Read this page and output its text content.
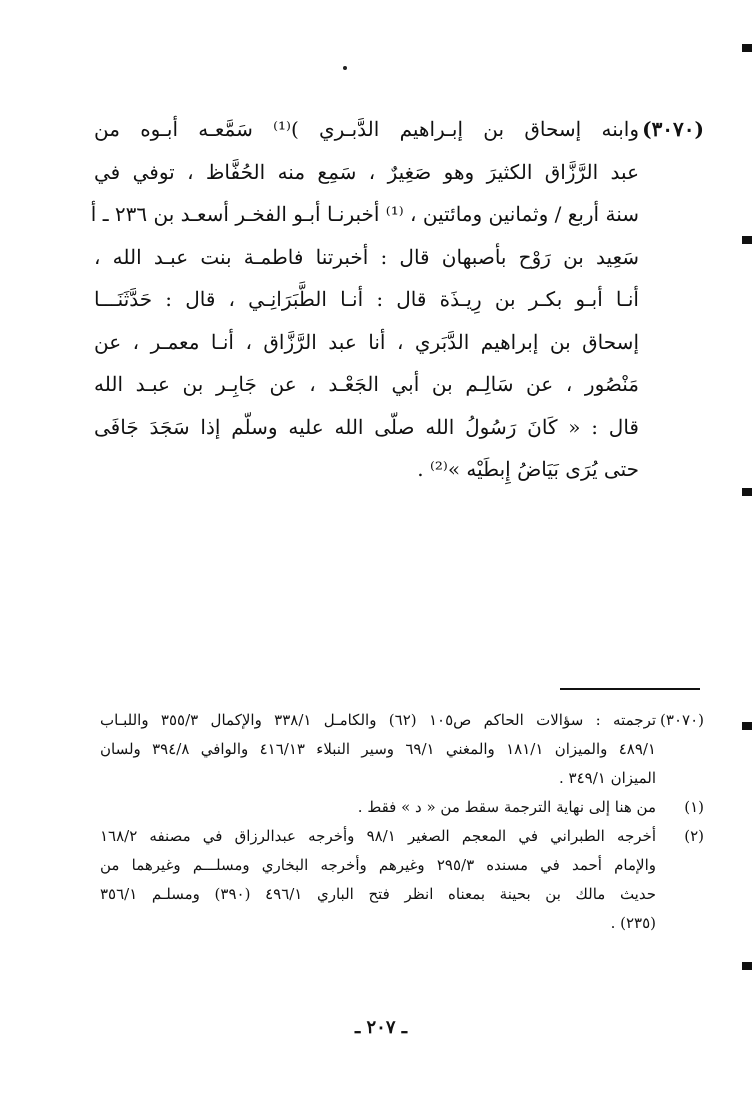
(٣٠٧٠)
وابنه إسحاق بن إبـراهيم الدَّبـري )⁽¹⁾ سَمَّعـه أبـوه من
عبد الرَّزَّاق الكثيرَ وهو صَغِيرٌ ، سَمِع منه الحُفَّاظ ، توفي في
سنة أربع / وثمانين ومائتين ، ⁽¹⁾ أخبرنـا أبـو الفخـر أسعـد بن ٢٣٦ ـ أ
سَعِيد بن رَوْح بأصبهان قال : أخبرتنا فاطمـة بنت عبـد الله ،
أنـا أبـو بكـر بن رِيـذَة قال : أنـا الطَّبَرَانِـي ، قال : حَدَّثَنَـــا
إسحاق بن إبراهيم الدَّبَري ، أنا عبد الرَّزَّاق ، أنـا معمـر ، عن
مَنْصُور ، عن سَالِـم بن أبي الجَعْـد ، عن جَابِـر بن عبـد الله
قال : « كَانَ رَسُولُ الله صلّى الله عليه وسلّم إذا سَجَدَ جَافَى
حتى يُرَى بَيَاضُ إِبطَيْه »⁽²⁾ .
(٣٠٧٠)
ترجمته : سؤالات الحاكم ص١٠٥ (٦٢) والكامـل ٣٣٨/١ والإكمال ٣٥٥/٣ واللبـاب
٤٨٩/١ والميزان ١٨١/١ والمغني ٦٩/١ وسير النبلاء ٤١٦/١٣ والوافي ٣٩٤/٨ ولسان
الميزان ٣٤٩/١ .
(١)
من هنا إلى نهاية الترجمة سقط من « د » فقط .
(٢)
أخرجه الطبراني في المعجم الصغير ٩٨/١ وأخرجه عبدالرزاق في مصنفه ١٦٨/٢
والإمام أحمد في مسنده ٢٩٥/٣ وغيرهم وأخرجه البخاري ومسلـــم وغيرهما من
حديث مالك بن بحينة بمعناه انظر فتح الباري ٤٩٦/١ (٣٩٠) ومسلـم ٣٥٦/١
(٢٣٥) .
ـ ٢٠٧ ـ
